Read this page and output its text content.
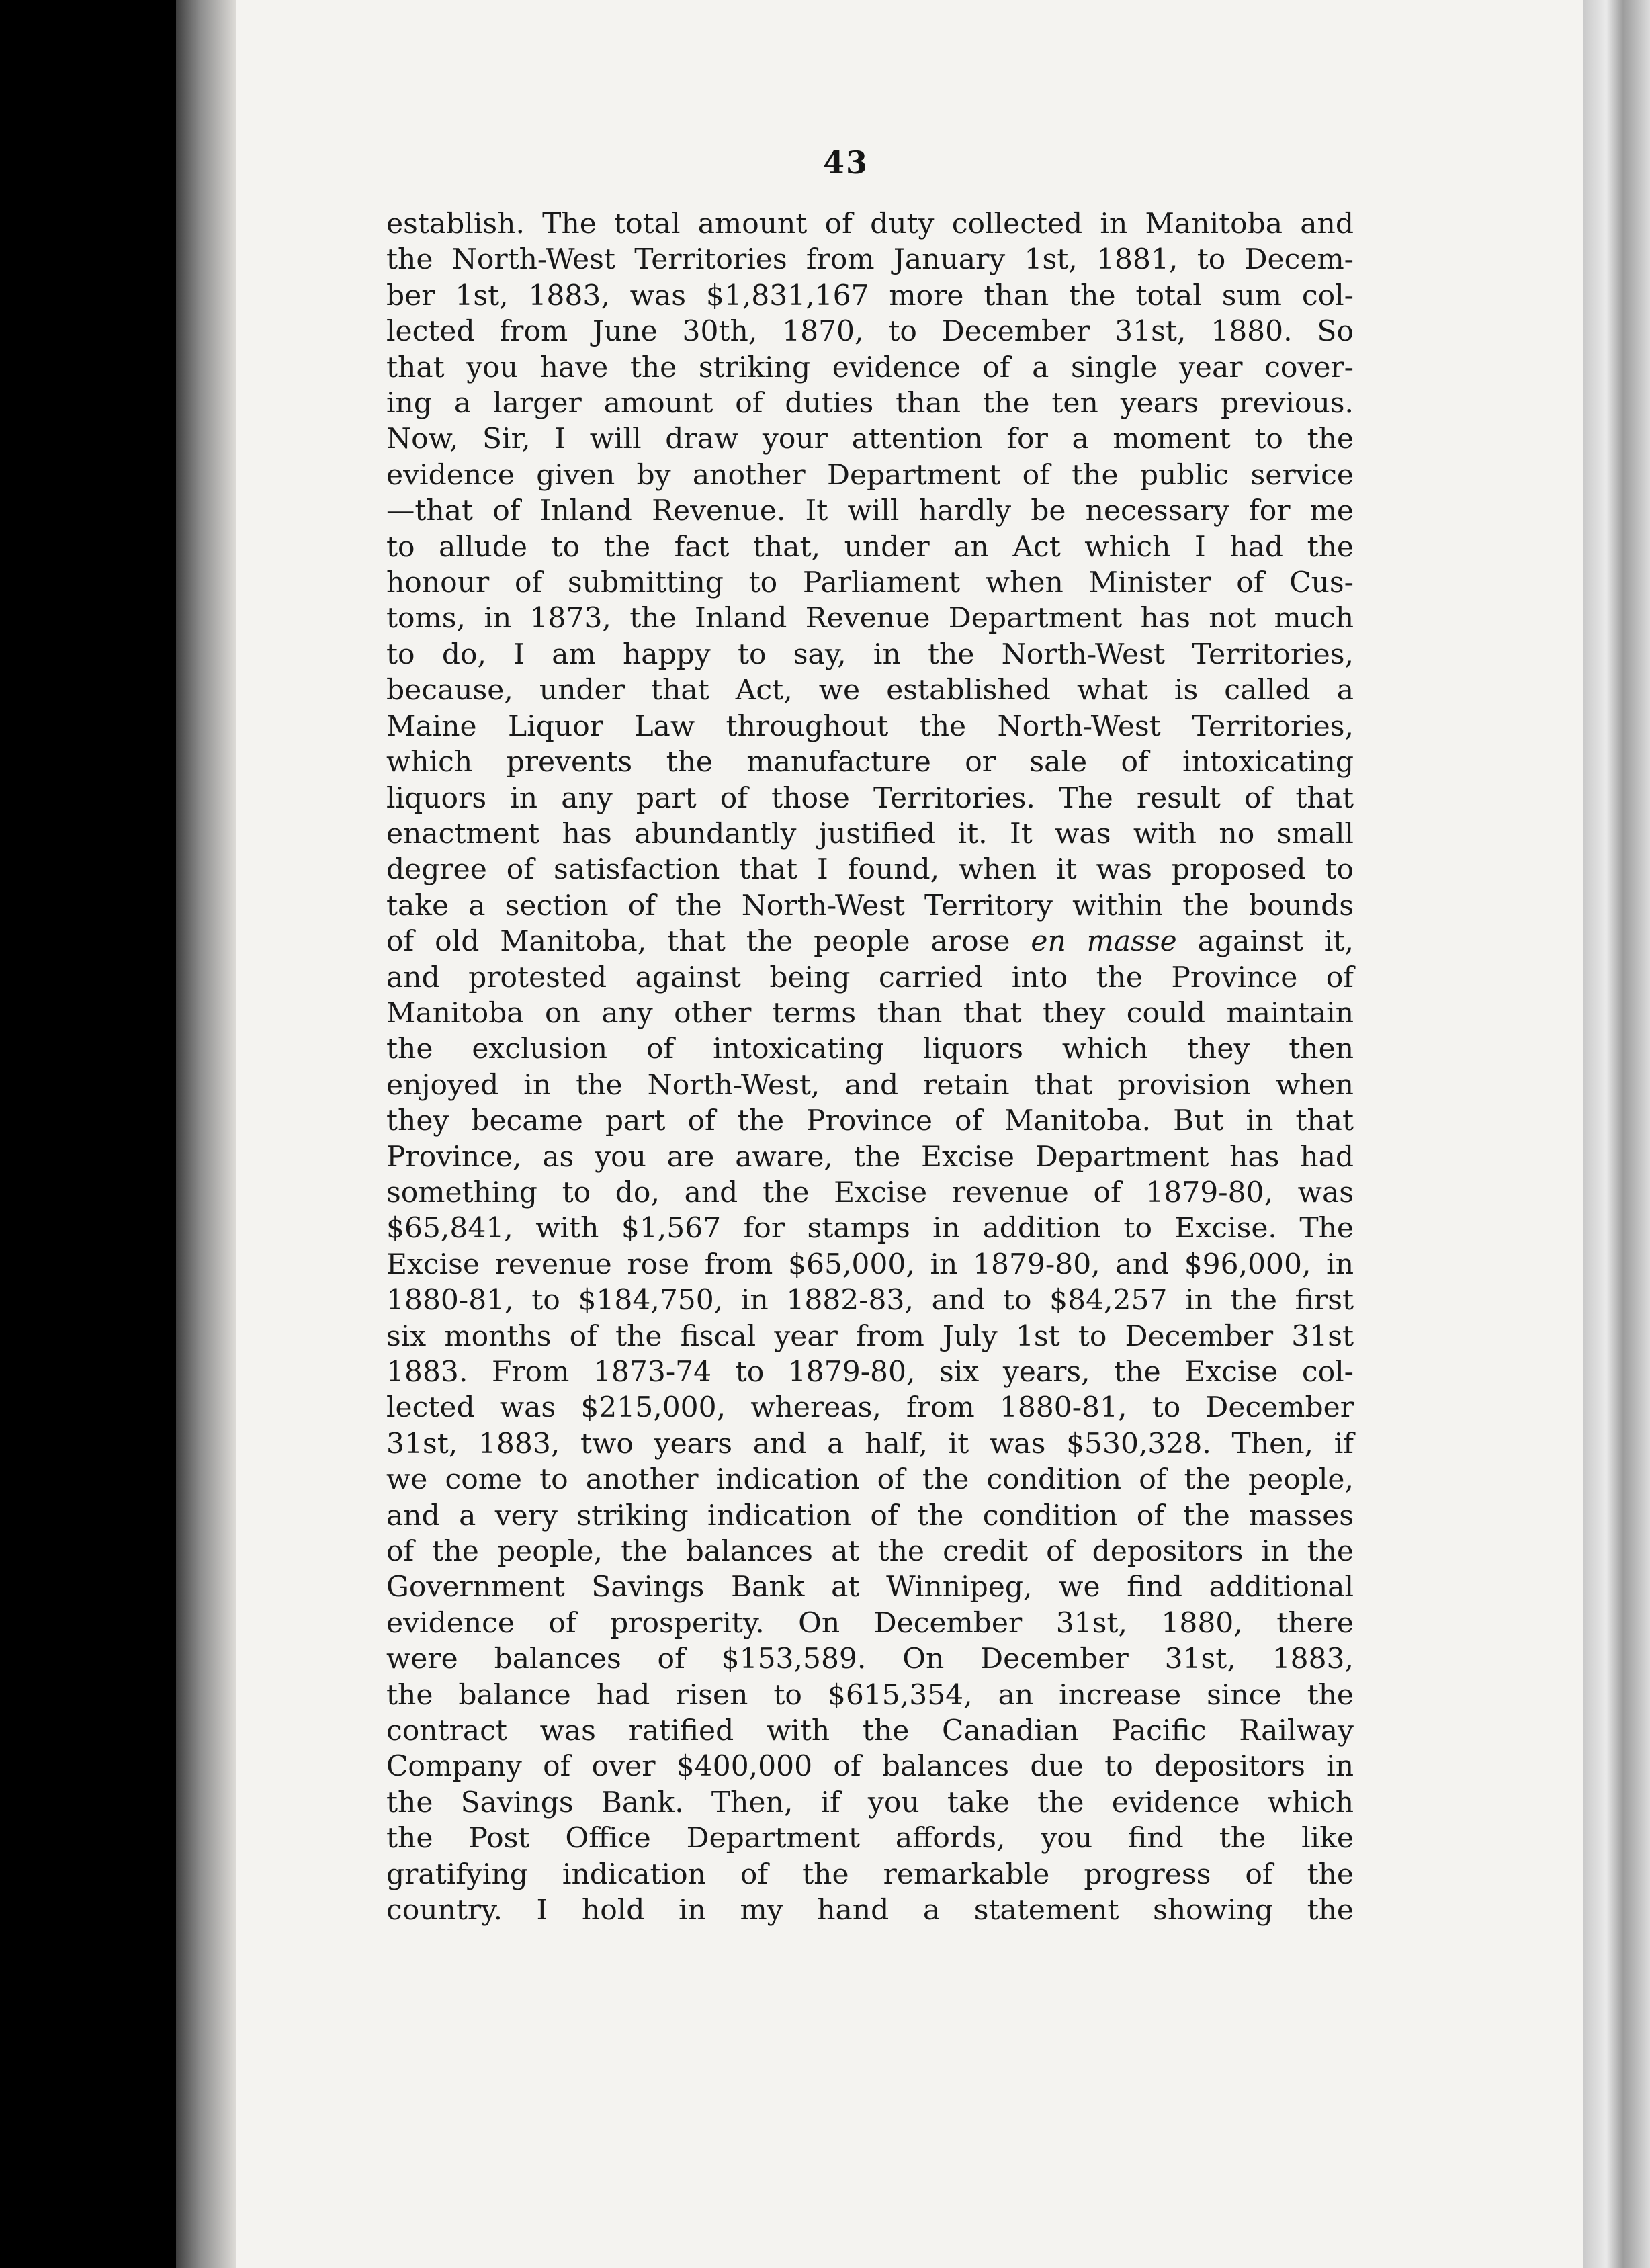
43
establish. The total amount of duty collected in Manitoba and
the North-West Territories from January 1st, 1881, to Decem-
ber 1st, 1883, was $1,831,167 more than the total sum col-
lected from June 30th, 1870, to December 31st, 1880. So
that you have the striking evidence of a single year cover-
ing a larger amount of duties than the ten years previous.
Now, Sir, I will draw your attention for a moment to the
evidence given by another Department of the public service
—that of Inland Revenue. It will hardly be necessary for me
to allude to the fact that, under an Act which I had the
honour of submitting to Parliament when Minister of Cus-
toms, in 1873, the Inland Revenue Department has not much
to do, I am happy to say, in the North-West Territories,
because, under that Act, we established what is called a
Maine Liquor Law throughout the North-West Territories,
which prevents the manufacture or sale of intoxicating
liquors in any part of those Territories. The result of that
enactment has abundantly justified it. It was with no small
degree of satisfaction that I found, when it was proposed to
take a section of the North-West Territory within the bounds
of old Manitoba, that the people arose en masse against it,
and protested against being carried into the Province of
Manitoba on any other terms than that they could maintain
the exclusion of intoxicating liquors which they then
enjoyed in the North-West, and retain that provision when
they became part of the Province of Manitoba. But in that
Province, as you are aware, the Excise Department has had
something to do, and the Excise revenue of 1879-80, was
$65,841, with $1,567 for stamps in addition to Excise. The
Excise revenue rose from $65,000, in 1879-80, and $96,000, in
1880-81, to $184,750, in 1882-83, and to $84,257 in the first
six months of the fiscal year from July 1st to December 31st
1883. From 1873-74 to 1879-80, six years, the Excise col-
lected was $215,000, whereas, from 1880-81, to December
31st, 1883, two years and a half, it was $530,328. Then, if
we come to another indication of the condition of the people,
and a very striking indication of the condition of the masses
of the people, the balances at the credit of depositors in the
Government Savings Bank at Winnipeg, we find additional
evidence of prosperity. On December 31st, 1880, there
were balances of $153,589. On December 31st, 1883,
the balance had risen to $615,354, an increase since the
contract was ratified with the Canadian Pacific Railway
Company of over $400,000 of balances due to depositors in
the Savings Bank. Then, if you take the evidence which
the Post Office Department affords, you find the like
gratifying indication of the remarkable progress of the
country. I hold in my hand a statement showing the
